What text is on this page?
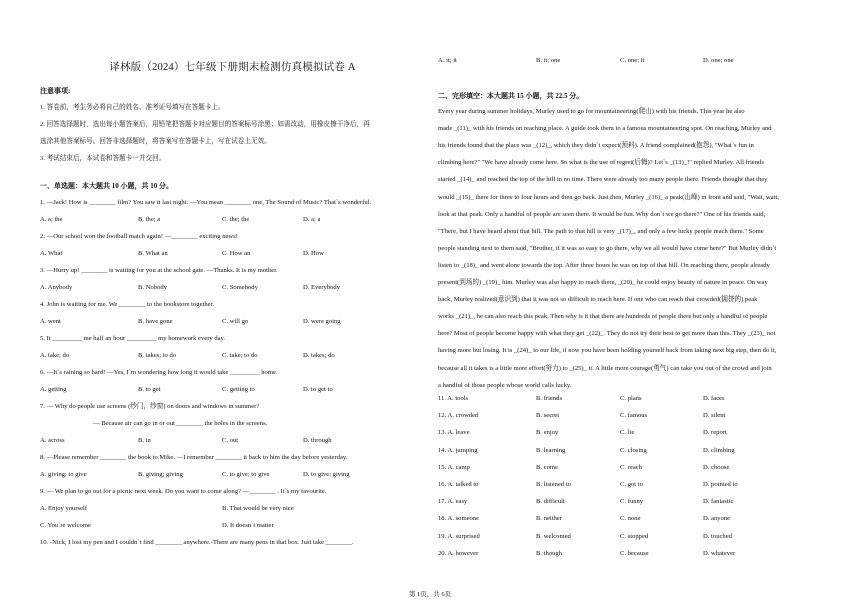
译林版（2024）七年级下册期末检测仿真模拟试卷 A
注意事项:
1. 答卷前，考生务必将自己的姓名、准考证号填写在答题卡上。
2. 回答选择题时，选出每小题答案后，用铅笔把答题卡对应题目的答案标号涂黑；如需改动，用橡皮擦干净后，再
选涂其他答案标号。回答非选择题时，将答案写在答题卡上，写在试卷上无效。
3. 考试结束后，本试卷和答题卡一并交回。
一、单选题：本大题共 10 小题，共 10 分。
1. —Jack! How is ________ film? You saw it last night. —You mean ________ one, The Sound of Music? That`s wonderful.
A. a; the	B. the; a	C. the; the	D. a; a
2. —Our school won the football match again! —________ exciting news!
A. What	B. What an	C. How an	D. How
3. —Hurry up! ________ is waiting for you at the school gate. —Thanks. It is my mother.
A. Anybody	B. Nobody	C. Somebody	D. Everybody
4. John is waiting for me. We ________ to the bookstore together.
A. went	B. have gone	C. will go	D. were going
5. It _________ me half an hour _________ my homework every day.
A. take; do	B. takes; to do	C. take; to do	D. takes; do
6. —It`s raining so hard! —Yes, I`m wondering how long it would take _________ home.
A. getting	B. to get	C. getting to	D. to get to
7. — Why do people use screens (纱门，纱窗) on doors and windows in summer?
— Because air can go in or out ________ the holes in the screens.
A. across	B. in	C. out	D. through
8. —Please remember ________ the book to Mike. —I remember ________ it back to him the day before yesterday.
A. giving; to give	B. giving; giving	C. to give; to give	D. to give; giving
9. — We plan to go out for a picnic next week. Do you want to come along? —________ . It`s my favourite.
A. Enjoy yourself	B. That would be very nice
C. You`re welcome	D. It doesn`t matter
10. -Nick, I lost my pen and I couldn`t find ________ anywhere.-There are many pens in that box. Just take ________.
A. it; it	B. it; one	C. one; it	D. one; one
二、完形填空：本大题共 15 小题，共 22.5 分。
Every year during summer holidays, Murley used to go for mountaineering(爬山) with his friends. This year he also
made _(11)_ with his friends on reaching place. A guide took them to a famous mountaineering spot. On reaching, Murley and
his friends found that the place was _(12)_, which they didn`t expect(预料). A friend complained(抱怨), "What`s fun in
climbing here?" "We have already come here. So what is the use of regret(后悔)? Let`s _(13)_!" replied Murley. All friends
started _(14)_ and reached the top of the hill in no time. There were already too many people there. Friends thought that they
would _(15)_ there for three to four hours and then go back. Just then, Murley _(16)_ a peak(山峰) in front and said, "Wait, wait,
look at that peak. Only a handful of people are seen there. It would be fun. Why don`t we go there?" One of his friends said,
"There, but I have heard about that hill. The path to that hill is very _(17)_, and only a few lucky people reach there." Some
people standing next to them said, "Brother, if it was so easy to go there, why we all would have come here?" But Murley didn`t
listen to _(18)_ and went alone towards the top. After three hours he was on top of that hill. On reaching there, people already
present(到场的) _(19)_ him. Murley was also happy to reach there, _(20)_ he could enjoy beauty of nature in peace. On way
back, Murley realized(意识到) that it was not so difficult to reach here. If one who can reach that crowded(拥挤的) peak
works _(21)_, he can also reach this peak. Then why is it that there are hundreds of people there but only a handful of people
here? Most of people become happy with what they get _(22)_. They do not try their best to get more than this. They _(23)_ not
having more but losing. It is _(24)_ to our life, if now you have been holding yourself back from taking next big step, then do it,
because all it takes is a little more effort(努力) to _(25)_ it. A little more courage(勇气) can take you out of the crowd and join
a handful of those people whose world calls lucky.
11. A. tools	B. friends	C. plans	D. faces
12. A. crowded	B. secret	C. famous	D. silent
13. A. leave	B. enjoy	C. lie	D. report
14. A. jumping	B. learning	C. closing	D. climbing
15. A. camp	B. come	C. reach	D. choose
16. A. talked to	B. listened to	C. got to	D. pointed to
17. A. easy	B. difficult	C. funny	D. fantastic
18. A. someone	B. neither	C. none	D. anyone
19. A. surprised	B. welcomed	C. stopped	D. touched
20. A. however	B. though	C. because	D. whatever
第 1页，共 6页
